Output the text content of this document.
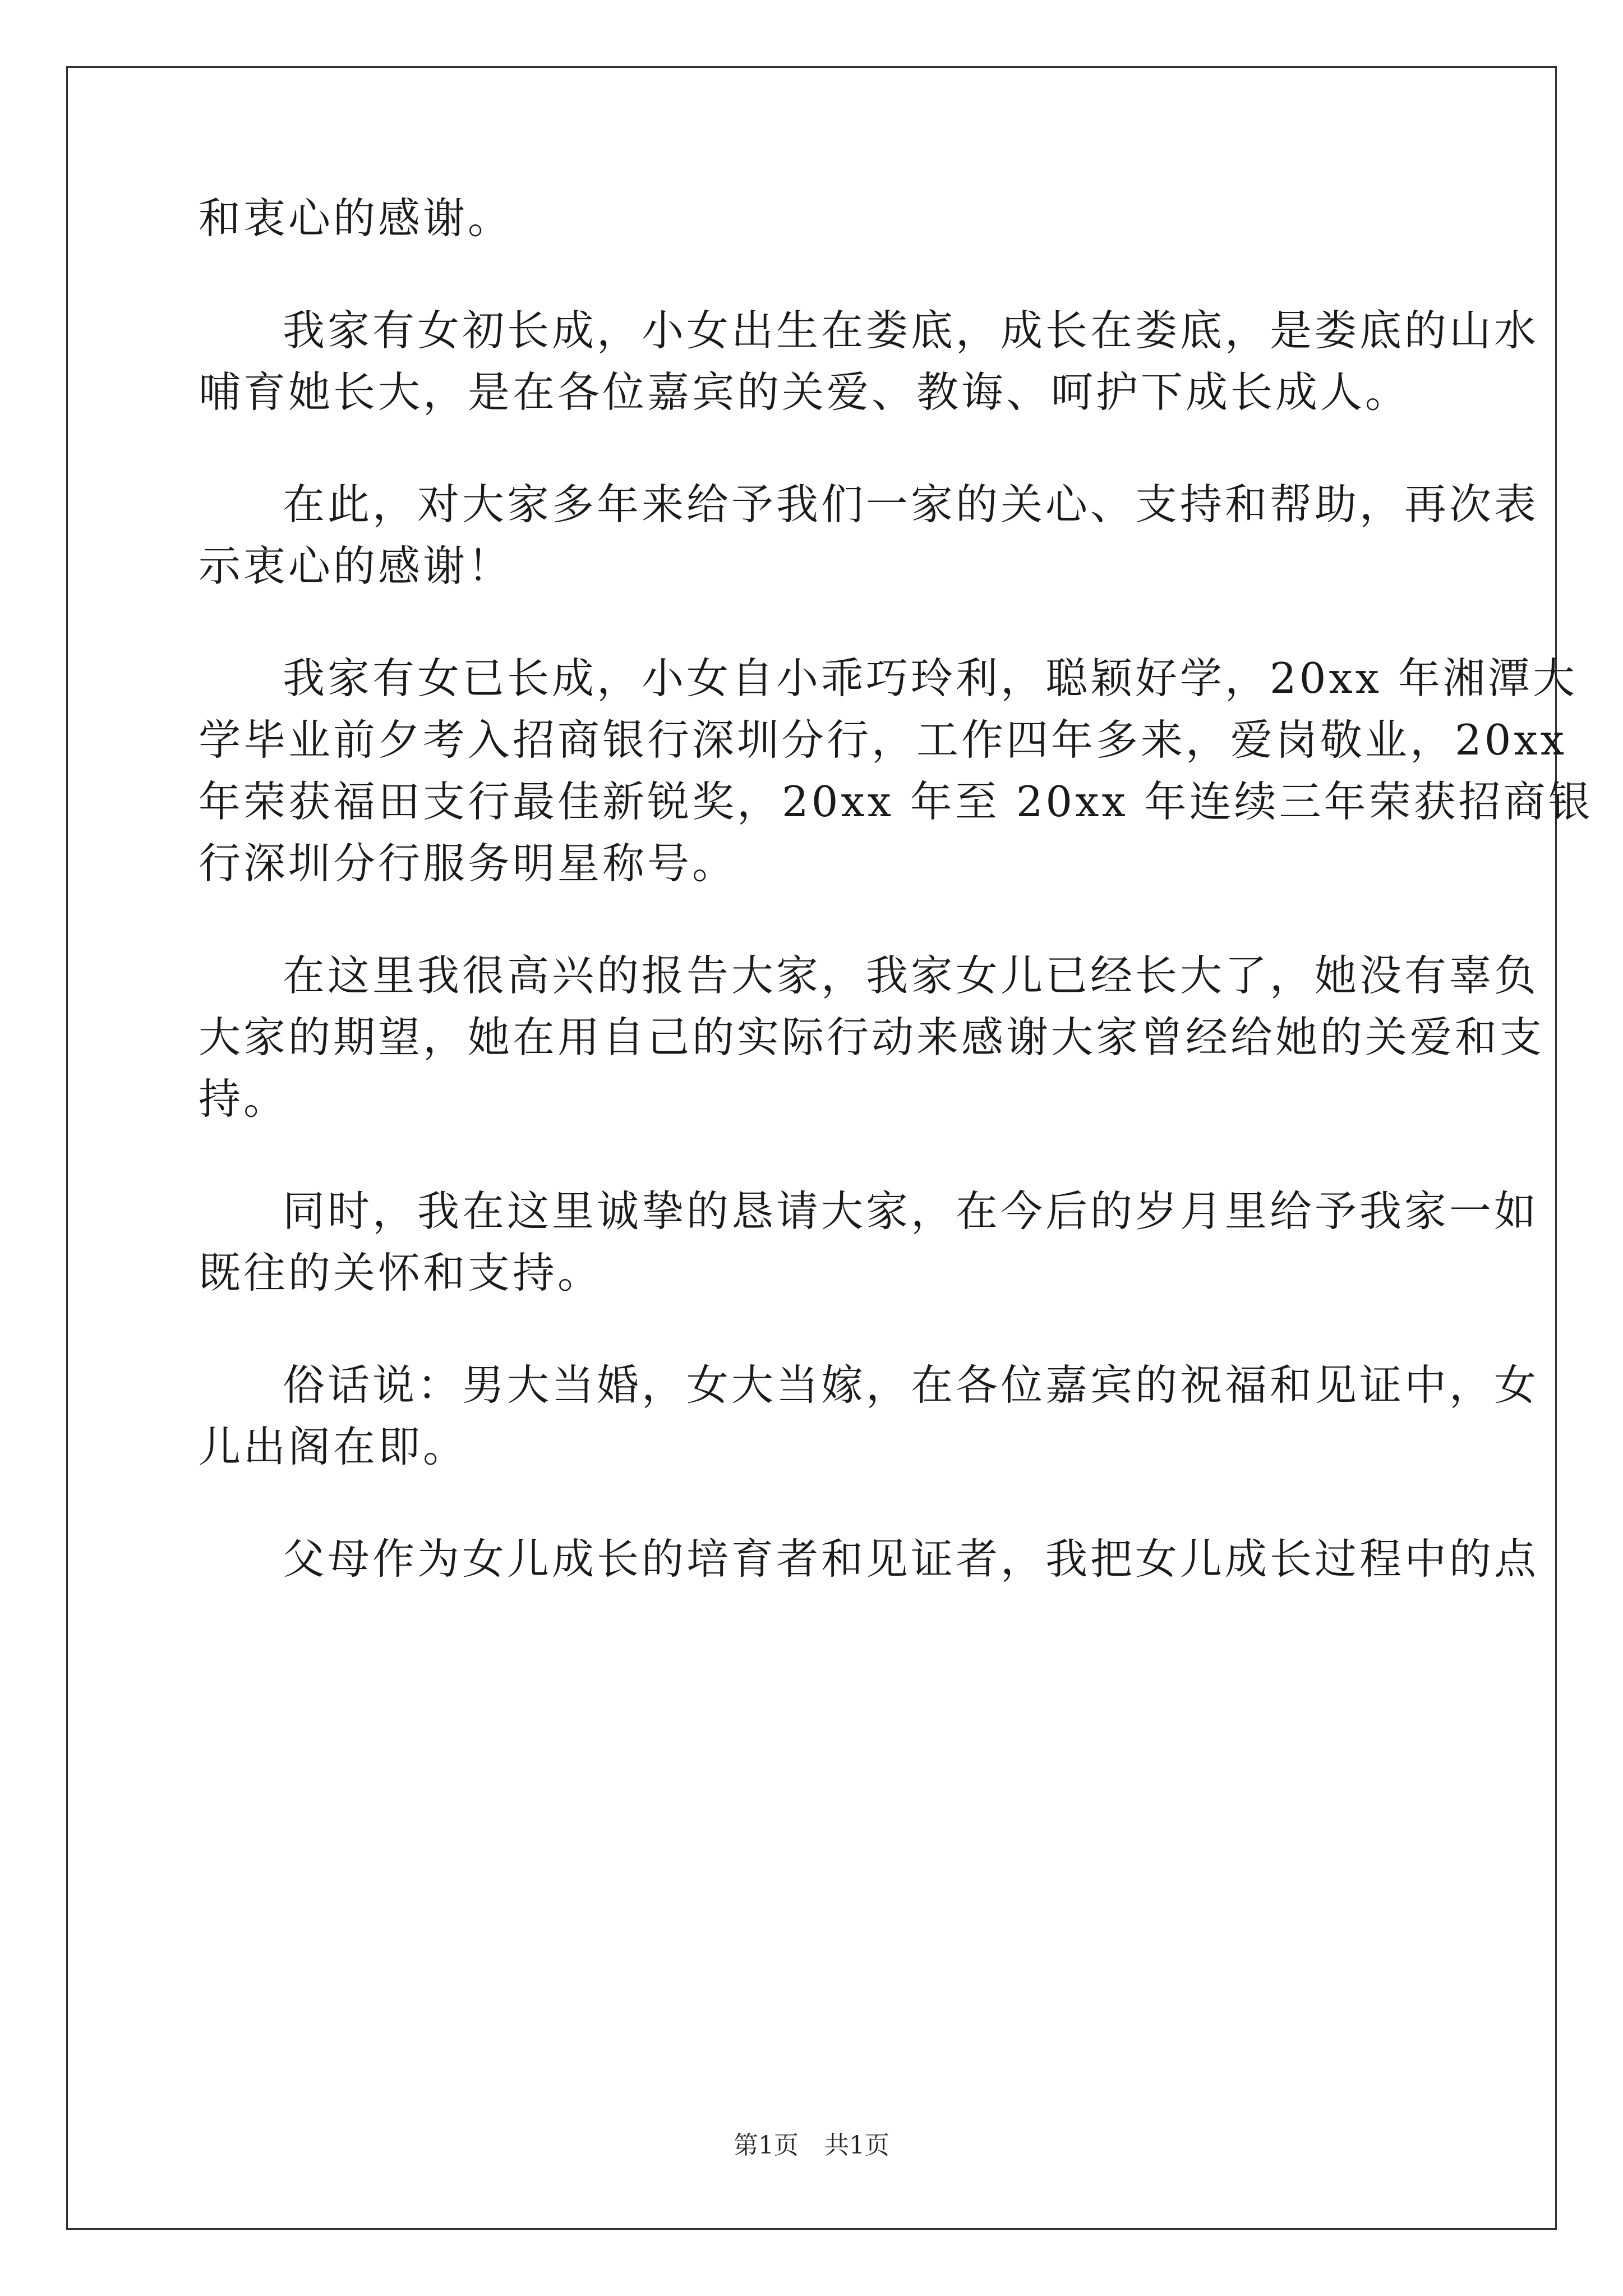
和衷心的感谢。
我家有女初长成，小女出生在娄底，成长在娄底，是娄底的山水
哺育她长大，是在各位嘉宾的关爱、教诲、呵护下成长成人。
在此，对大家多年来给予我们一家的关心、支持和帮助，再次表
示衷心的感谢！
我家有女已长成，小女自小乖巧玲利，聪颖好学，20xx 年湘潭大
学毕业前夕考入招商银行深圳分行，工作四年多来，爱岗敬业，20xx
年荣获福田支行最佳新锐奖，20xx 年至 20xx 年连续三年荣获招商银
行深圳分行服务明星称号。
在这里我很高兴的报告大家，我家女儿已经长大了，她没有辜负
大家的期望，她在用自己的实际行动来感谢大家曾经给她的关爱和支
持。
同时，我在这里诚挚的恳请大家，在今后的岁月里给予我家一如
既往的关怀和支持。
俗话说：男大当婚，女大当嫁，在各位嘉宾的祝福和见证中，女
儿出阁在即。
父母作为女儿成长的培育者和见证者，我把女儿成长过程中的点
第1页 共1页
